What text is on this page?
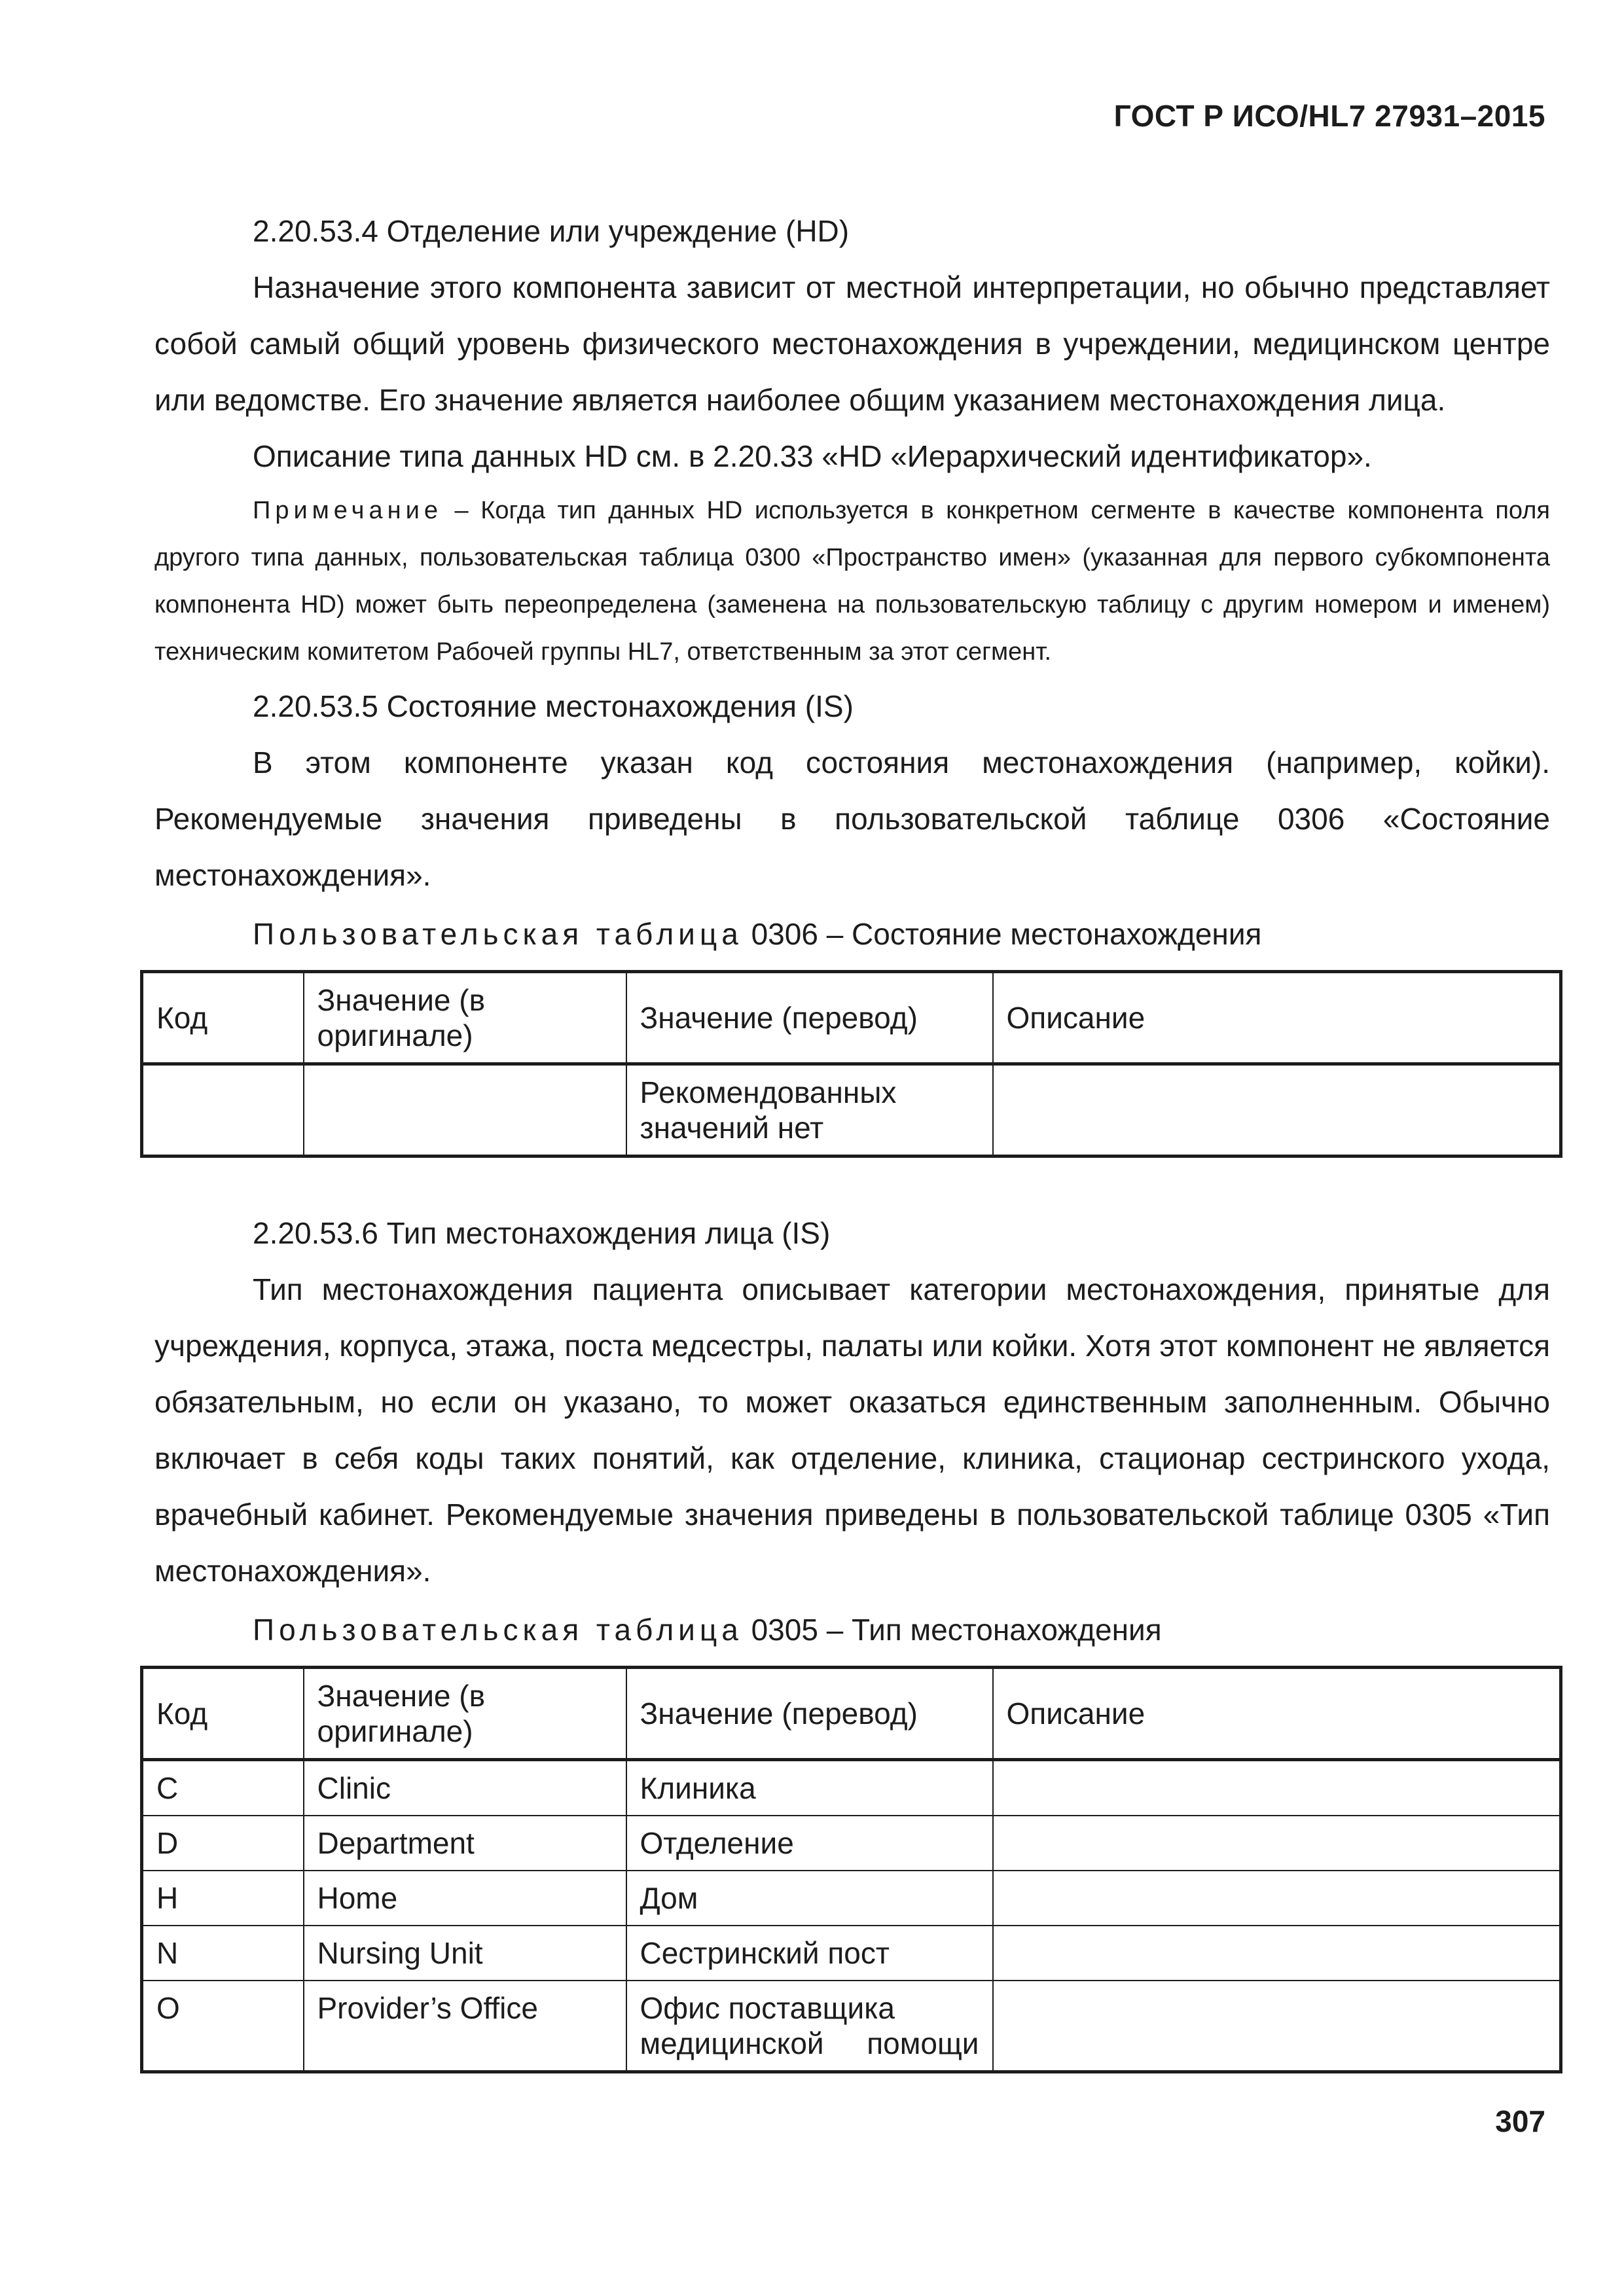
ГОСТ Р ИСО/HL7 27931–2015

2.20.53.4 Отделение или учреждение (HD)

Назначение этого компонента зависит от местной интерпретации, но обычно представляет собой самый общий уровень физического местонахождения в учреждении, медицинском центре или ведомстве. Его значение является наиболее общим указанием местонахождения лица.

Описание типа данных HD см. в 2.20.33 «HD «Иерархический идентификатор».

Примечание – Когда тип данных HD используется в конкретном сегменте в качестве компонента поля другого типа данных, пользовательская таблица 0300 «Пространство имен» (указанная для первого субкомпонента компонента HD) может быть переопределена (заменена на пользовательскую таблицу с другим номером и именем) техническим комитетом Рабочей группы HL7, ответственным за этот сегмент.

2.20.53.5 Состояние местонахождения (IS)

В этом компоненте указан код состояния местонахождения (например, койки). Рекомендуемые значения приведены в пользовательской таблице 0306 «Состояние местонахождения».

Пользовательская таблица 0306 – Состояние местонахождения

Код	Значение (в оригинале)	Значение (перевод)	Описание
		Рекомендованных значений нет	

2.20.53.6 Тип местонахождения лица (IS)

Тип местонахождения пациента описывает категории местонахождения, принятые для учреждения, корпуса, этажа, поста медсестры, палаты или койки. Хотя этот компонент не является обязательным, но если он указано, то может оказаться единственным заполненным. Обычно включает в себя коды таких понятий, как отделение, клиника, стационар сестринского ухода, врачебный кабинет. Рекомендуемые значения приведены в пользовательской таблице 0305 «Тип местонахождения».

Пользовательская таблица 0305 – Тип местонахождения

Код	Значение (в оригинале)	Значение (перевод)	Описание
C	Clinic	Клиника	
D	Department	Отделение	
H	Home	Дом	
N	Nursing Unit	Сестринский пост	
O	Provider’s Office	Офис поставщика медицинской помощи	
307
